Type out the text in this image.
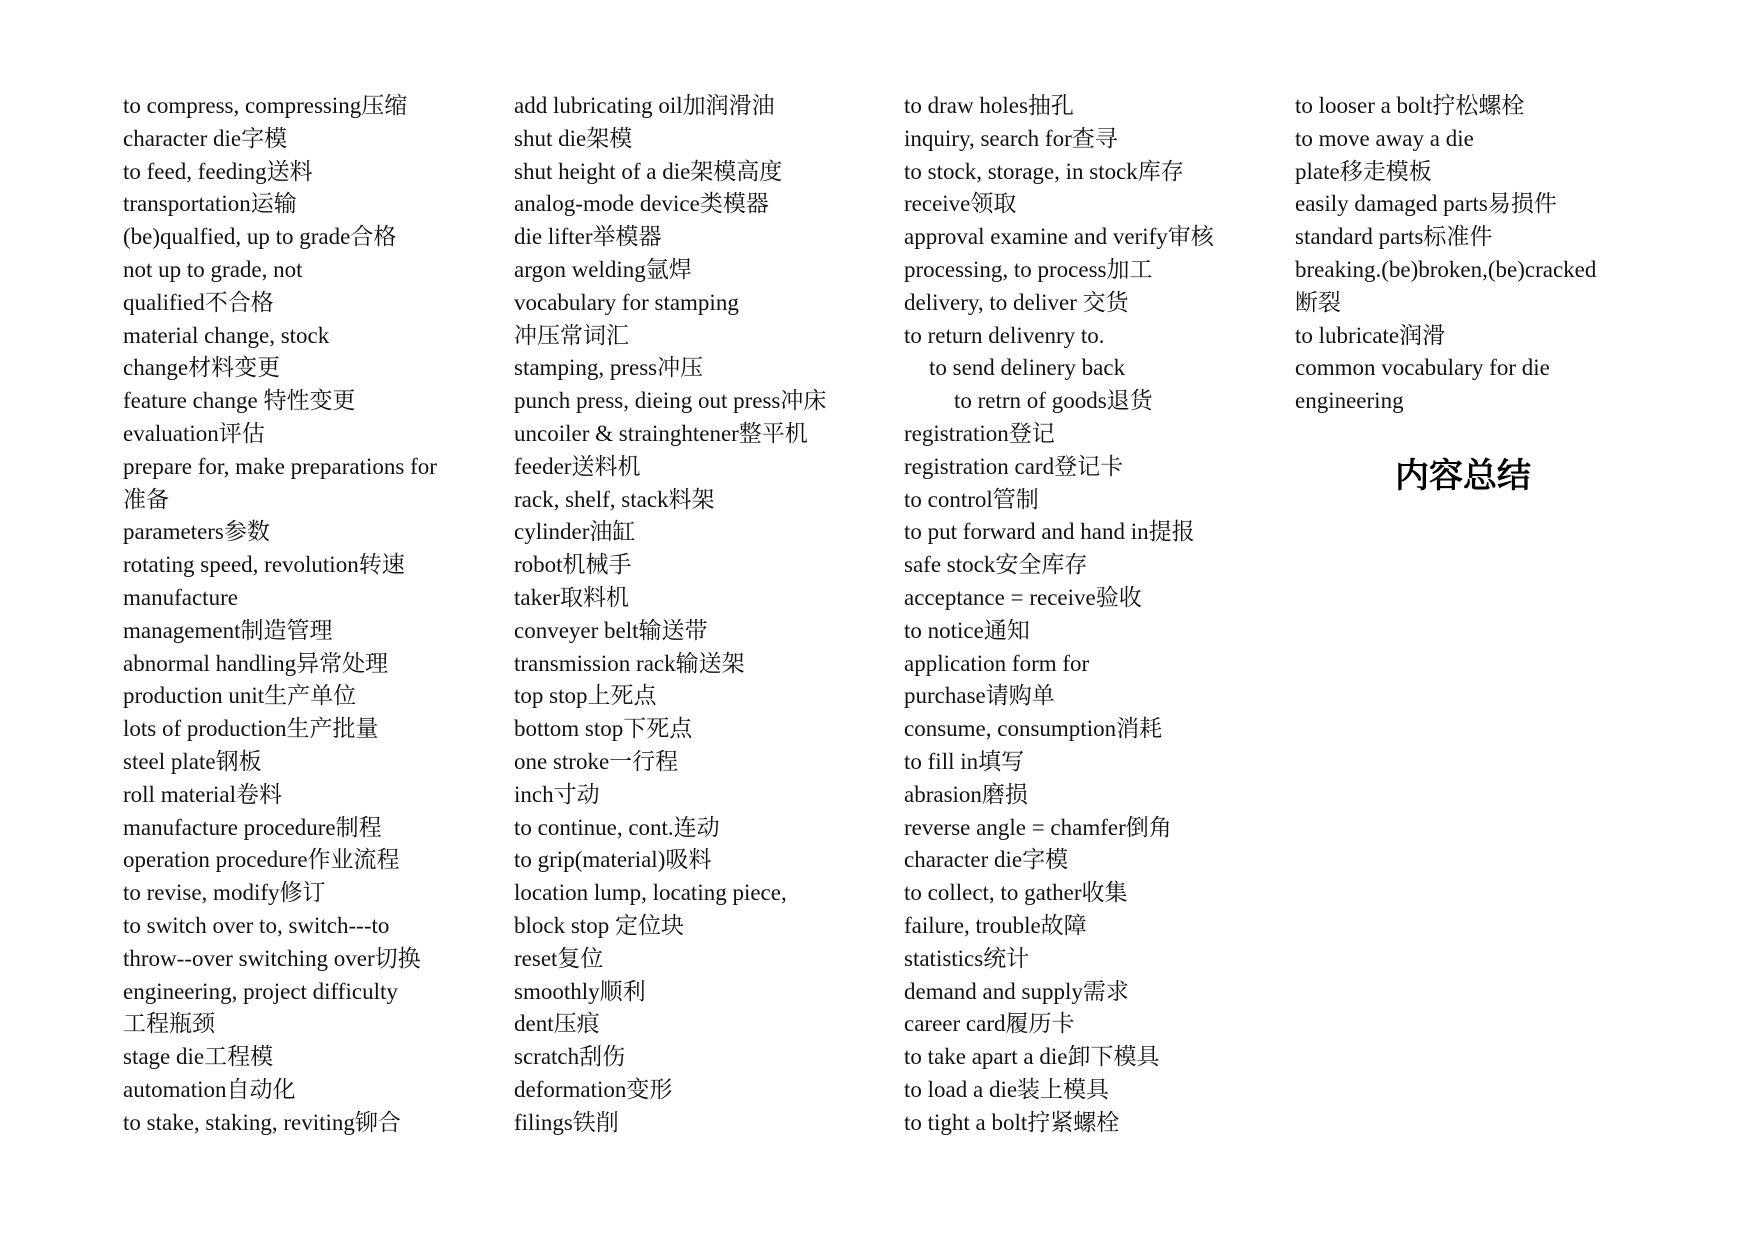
to compress, compressing压缩
character die字模
to feed, feeding送料
transportation运输
(be)qualfied, up to grade合格
not up to grade, not
qualified不合格
material change, stock
change材料变更
feature change 特性变更
evaluation评估
prepare for, make preparations for
准备
parameters参数
rotating speed, revolution转速
manufacture
management制造管理
abnormal handling异常处理
production unit生产单位
lots of production生产批量
steel plate钢板
roll material卷料
manufacture procedure制程
operation procedure作业流程
to revise, modify修订
to switch over to, switch---to
throw--over switching over切换
engineering, project difficulty
工程瓶颈
stage die工程模
automation自动化
to stake, staking, reviting铆合
add lubricating oil加润滑油
shut die架模
shut height of a die架模高度
analog-mode device类模器
die lifter举模器
argon welding氩焊
vocabulary for stamping
冲压常词汇
stamping, press冲压
punch press, dieing out press冲床
uncoiler & strainghtener整平机
feeder送料机
rack, shelf, stack料架
cylinder油缸
robot机械手
taker取料机
conveyer belt输送带
transmission rack输送架
top stop上死点
bottom stop下死点
one stroke一行程
inch寸动
to continue, cont.连动
to grip(material)吸料
location lump, locating piece,
block stop 定位块
reset复位
smoothly顺利
dent压痕
scratch刮伤
deformation变形
filings铁削
to draw holes抽孔
inquiry, search for查寻
to stock, storage, in stock库存
receive领取
approval examine and verify审核
processing, to process加工
delivery, to deliver 交货
to return delivenry to.
to send delinery back
to retrn of goods退货
registration登记
registration card登记卡
to control管制
to put forward and hand in提报
safe stock安全库存
acceptance = receive验收
to notice通知
application form for
purchase请购单
consume, consumption消耗
to fill in填写
abrasion磨损
reverse angle = chamfer倒角
character die字模
to collect, to gather收集
failure, trouble故障
statistics统计
demand and supply需求
career card履历卡
to take apart a die卸下模具
to load a die装上模具
to tight a bolt拧紧螺栓
to looser a bolt拧松螺栓
to move away a die
plate移走模板
easily damaged parts易损件
standard parts标准件
breaking.(be)broken,(be)cracked
断裂
to lubricate润滑
common vocabulary for die
engineering
内容总结
